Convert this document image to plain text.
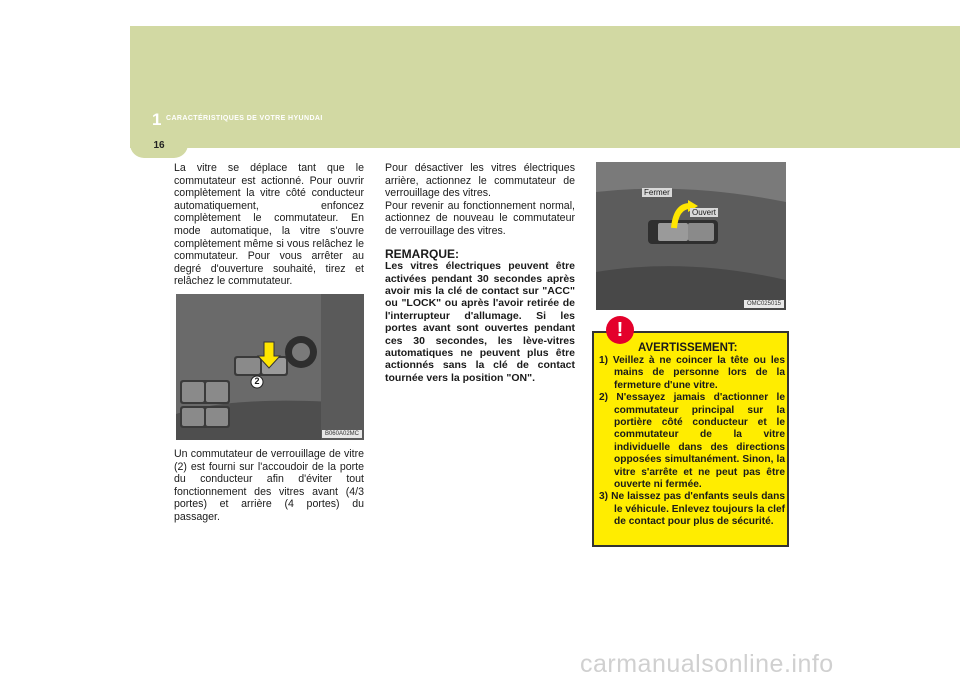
1 CARACTÉRISTIQUES DE VOTRE HYUNDAI
16
La vitre se déplace tant que le commutateur est actionné. Pour ouvrir complètement la vitre côté conducteur automatiquement, enfoncez complètement le commutateur. En mode automatique, la vitre s'ouvre complètement même si vous relâchez le commutateur. Pour vous arrêter au degré d'ouverture souhaité, tirez et relâchez le commutateur.
2
B060A02MC
Un commutateur de verrouillage de vitre (2) est fourni sur l'accoudoir de la porte du conducteur afin d'éviter tout fonctionnement des vitres avant (4/3 portes) et arrière (4 portes) du passager.
Pour désactiver les vitres électriques arrière, actionnez le commutateur de verrouillage des vitres.
Pour revenir au fonctionnement normal, actionnez de nouveau le commutateur de verrouillage des vitres.
REMARQUE:
Les vitres électriques peuvent être activées pendant 30 secondes après avoir mis la clé de contact sur "ACC" ou "LOCK" ou après l'avoir retirée de l'interrupteur d'allumage. Si les portes avant sont ouvertes pendant ces 30 secondes, les lève-vitres automatiques ne peuvent plus être actionnés sans la clé de contact tournée vers la position "ON".
Fermer
Ouvert
OMC025015
AVERTISSEMENT:
1) Veillez à ne coincer la tête ou les mains de personne lors de la fermeture d'une vitre.
2) N'essayez jamais d'actionner le commutateur principal sur la portière côté conducteur et le commutateur de la vitre individuelle dans des directions opposées simultanément. Sinon, la vitre s'arrête et ne peut pas être ouverte ni fermée.
3) Ne laissez pas d'enfants seuls dans le véhicule. Enlevez toujours la clef de contact pour plus de sécurité.
!
carmanualsonline.info
